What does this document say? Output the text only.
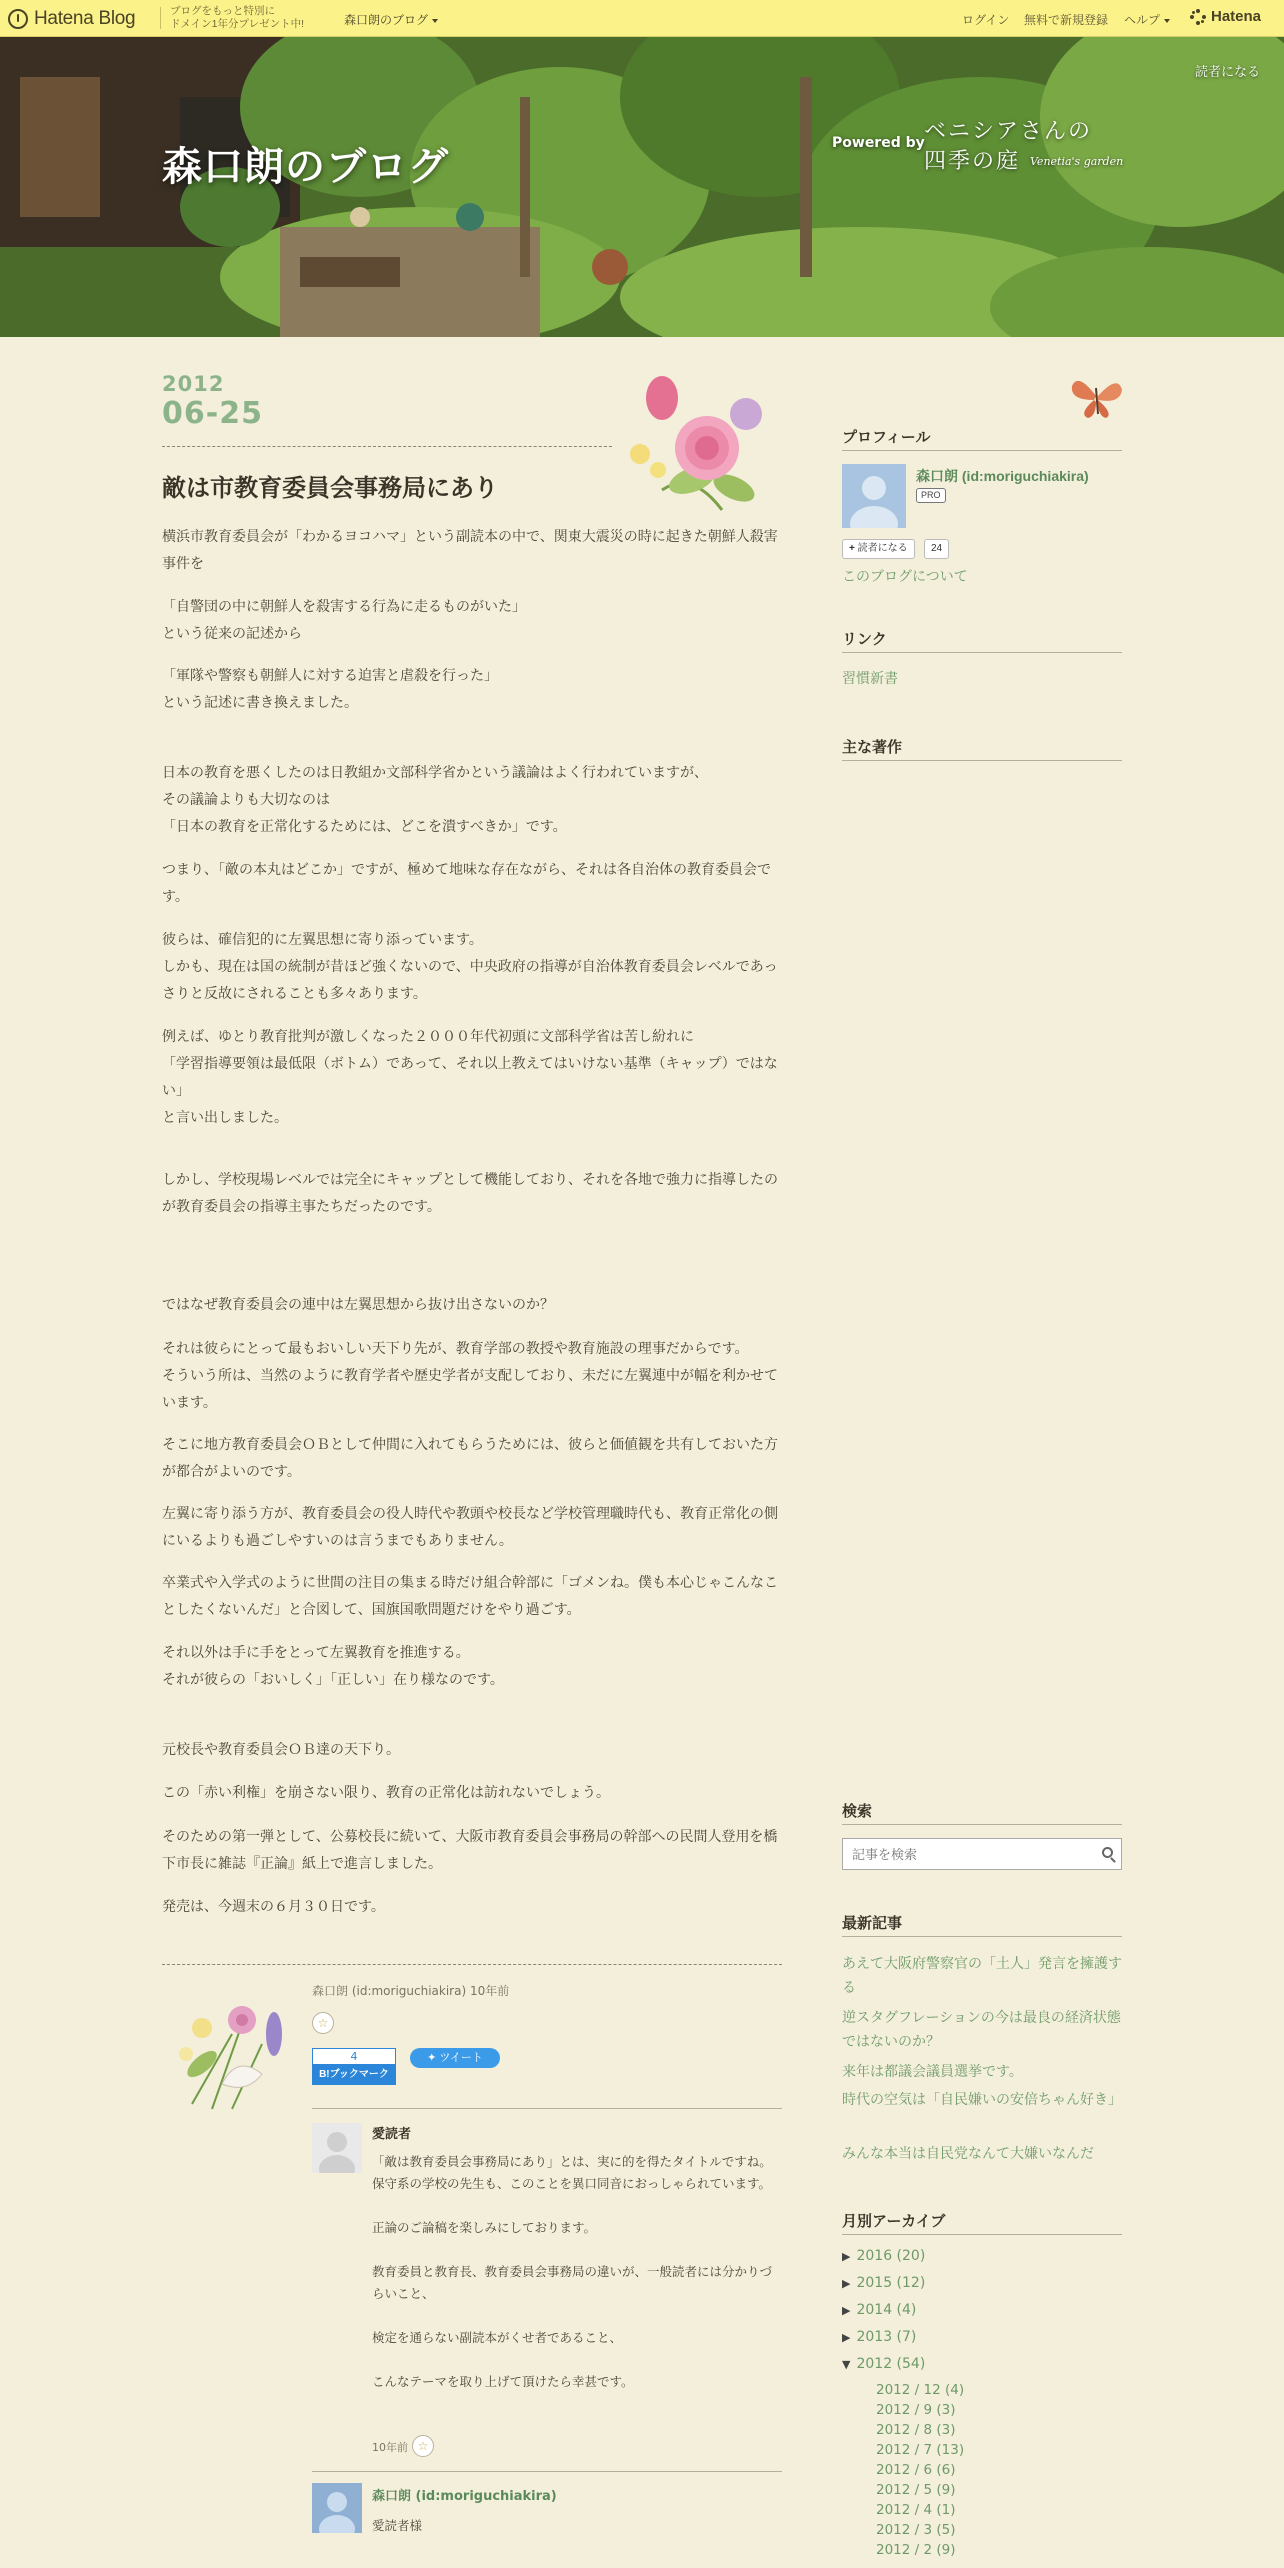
Hatena Blog	ブログをもっと特別に
ドメイン1年分プレゼント中!	森口朗のブログ	ログイン 無料で新規登録 ヘルプ	Hatena
森口朗のブログ
読者になる
Powered by ベニシアさんの
四季の庭 Venetia's garden
2012
06-25
敵は市教育委員会事務局にあり

横浜市教育委員会が「わかるヨコハマ」という副読本の中で、関東大震災の時に起きた朝鮮人殺害事件を

「自警団の中に朝鮮人を殺害する行為に走るものがいた」
という従来の記述から

「軍隊や警察も朝鮮人に対する迫害と虐殺を行った」
という記述に書き換えました。

日本の教育を悪くしたのは日教組か文部科学省かという議論はよく行われていますが、
その議論よりも大切なのは
「日本の教育を正常化するためには、どこを潰すべきか」です。

つまり、「敵の本丸はどこか」ですが、極めて地味な存在ながら、それは各自治体の教育委員会です。

彼らは、確信犯的に左翼思想に寄り添っています。
しかも、現在は国の統制が昔ほど強くないので、中央政府の指導が自治体教育委員会レベルであっさりと反故にされることも多々あります。

例えば、ゆとり教育批判が激しくなった２０００年代初頭に文部科学省は苦し紛れに
「学習指導要領は最低限（ボトム）であって、それ以上教えてはいけない基準（キャップ）ではない」
と言い出しました。

しかし、学校現場レベルでは完全にキャップとして機能しており、それを各地で強力に指導したのが教育委員会の指導主事たちだったのです。

ではなぜ教育委員会の連中は左翼思想から抜け出さないのか？

それは彼らにとって最もおいしい天下り先が、教育学部の教授や教育施設の理事だからです。
そういう所は、当然のように教育学者や歴史学者が支配しており、未だに左翼連中が幅を利かせています。

そこに地方教育委員会ＯＢとして仲間に入れてもらうためには、彼らと価値観を共有しておいた方が都合がよいのです。

左翼に寄り添う方が、教育委員会の役人時代や教頭や校長など学校管理職時代も、教育正常化の側にいるよりも過ごしやすいのは言うまでもありません。

卒業式や入学式のように世間の注目の集まる時だけ組合幹部に「ゴメンね。僕も本心じゃこんなことしたくないんだ」と合図して、国旗国歌問題だけをやり過ごす。

それ以外は手に手をとって左翼教育を推進する。
それが彼らの「おいしく」「正しい」在り様なのです。

元校長や教育委員会ＯＢ達の天下り。

この「赤い利権」を崩さない限り、教育の正常化は訪れないでしょう。

そのための第一弾として、公募校長に続いて、大阪市教育委員会事務局の幹部への民間人登用を橋下市長に雑誌『正論』紙上で進言しました。

発売は、今週末の６月３０日です。

森口朗 (id:moriguchiakira) 10年前
☆
4
B!ブックマーク
✦ ツイート
愛読者
「敵は教育委員会事務局にあり」とは、実に的を得たタイトルですね。
保守系の学校の先生も、このことを異口同音におっしゃられています。

正論のご論稿を楽しみにしております。

教育委員と教育長、教育委員会事務局の違いが、一般読者には分かりづらいこと、

検定を通らない副読本がくせ者であること、

こんなテーマを取り上げて頂けたら幸甚です。
10年前 ☆
森口朗 (id:moriguchiakira)
愛読者様
プロフィール
森口朗 (id:moriguchiakira)
PRO
+ 読者になる	24
このブログについて
リンク
習慣新書
主な著作
検索
記事を検索
最新記事
あえて大阪府警察官の「土人」発言を擁護する
逆スタグフレーションの今は最良の経済状態ではないのか？
来年は都議会議員選挙です。
時代の空気は「自民嫌いの安倍ちゃん好き」
みんな本当は自民党なんて大嫌いなんだ
月別アーカイブ
▶ 2016 (20)
▶ 2015 (12)
▶ 2014 (4)
▶ 2013 (7)
▼ 2012 (54)
2012 / 12 (4)
2012 / 9 (3)
2012 / 8 (3)
2012 / 7 (13)
2012 / 6 (6)
2012 / 5 (9)
2012 / 4 (1)
2012 / 3 (5)
2012 / 2 (9)
